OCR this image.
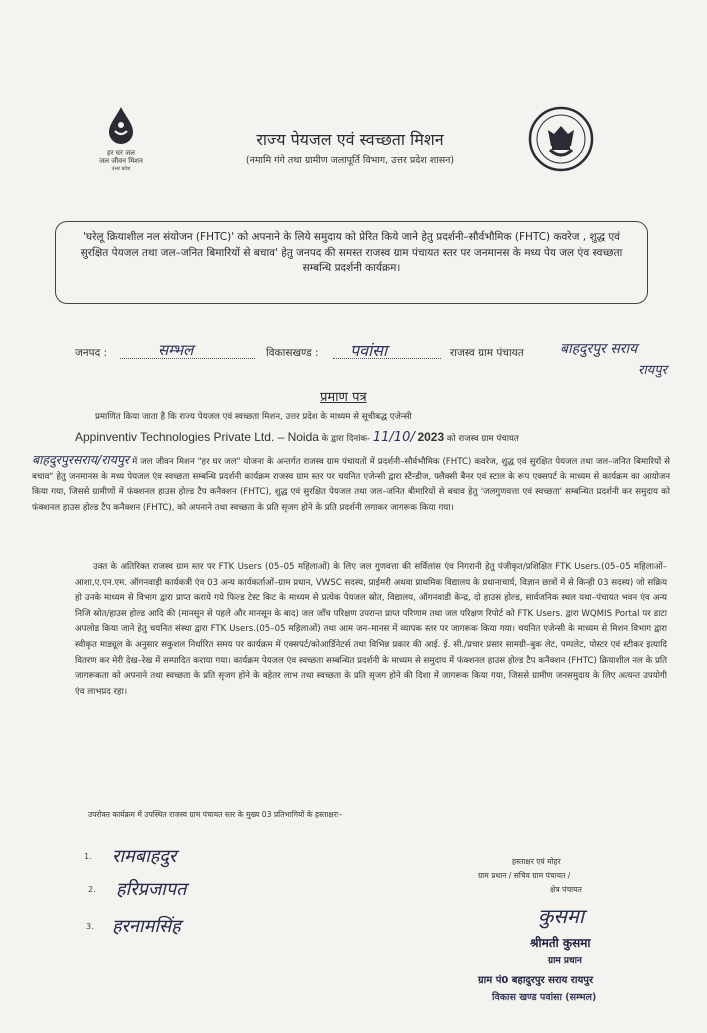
हर घर जल
जल जीवन मिशन
उत्तर प्रदेश
राज्य पेयजल एवं स्वच्छता मिशन
(नमामि गंगे तथा ग्रामीण जलापूर्ति विभाग, उत्तर प्रदेश शासन)
'घरेलू क्रियाशील नल संयोजन (FHTC)' को अपनाने के लिये समुदाय को प्रेरित किये जाने हेतु प्रदर्शनी–सौर्वभौमिक (FHTC) कवरेज , शुद्ध एवं सुरक्षित पेयजल तथा जल–जनित बिमारियों से बचाव' हेतु जनपद की समस्त राजस्व ग्राम पंचायत स्तर पर जनमानस के मध्य पेय जल एंव स्वच्छता सम्बन्धि प्रदर्शनी कार्यक्रम।
जनपद :	सम्भल	विकासखण्ड : पवांसा	राजस्व ग्राम पंचायत	बाहदुरपुर सराय
रायपुर
प्रमाण पत्र
प्रमाणित किया जाता है कि राज्य पेयजल एवं स्वच्छता मिशन, उत्तर प्रदेश के माध्यम से सूचीबद्ध एजेन्सी
Appinventiv Technologies Private Ltd. – Noida के द्वारा दिनांक- 11/10/ 2023 को राजस्व ग्राम पंचायत
बाहदुरपुरसराय/रायपुर में जल जीवन मिशन "हर घर जल" योजना के अन्तर्गत राजस्व ग्राम पंचायतों में प्रदर्शनी–सौर्वभौमिक (FHTC) कवरेज, शुद्ध एवं सुरक्षित पेयजल तथा जल–जनित बिमारियों से बचाव" हेतु जनमानस के मध्य पेयजल एंव स्वच्छता सम्बन्धि प्रदर्शनी कार्यक्रम राजस्व ग्राम स्तर पर चयनित एजेन्सी द्वारा स्टैन्डीज, फ्लैक्सी बैनर एवं स्टाल के रूप एक्सपर्ट के माध्यम से कार्यक्रम का आयोजन किया गया, जिससे ग्रामीणों में फंक्शनल हाउस होल्ड टैप कनैक्शन (FHTC), शुद्ध एवं सुरक्षित पेयजल तथा जल–जनित बीमारियों से बचाव हेतु 'जलगुणवत्ता एवं स्वच्छता' सम्बन्धित प्रदर्शनी कर समुदाय को फंक्शनल हाउस होल्ड टैप कनैक्शन (FHTC), को अपनाने तथा स्वच्छता के प्रति सृजग होने के प्रति प्रदर्शनी लगाकर जागरूक किया गया।
उक्त के अतिरिक्त राजस्व ग्राम स्तर पर FTK Users (05–05 महिलाओं) के लिए जल गुणवत्ता की सर्विलांस एंव निगरानी हेतु पंजीकृत/प्रशिक्षित FTK Users.(05–05 महिलाओं–आशा,ए.एन.एम. ऑगनवाड़ी कार्यकत्री एंव 03 अन्य कार्यकर्ताओं–ग्राम प्रधान, VWSC सदस्य, प्राईमरी अथवा प्राथमिक विद्यालय के प्रधानाचार्य, विज्ञान छात्रों में से किन्ही 03 सदस्य) जो सक्रिय हो उनके माध्यम से विभाग द्वारा प्राप्त कराये गये फिल्ड टेस्ट किट के माध्यम से प्रत्येक पेयजल स्रोत, विद्यालय, ऑगनवाडी केन्द्र, दो हाउस होल्ड, सार्वजनिक स्थल यथा–पंचायत भवन एंव अन्य निजि स्रोत/हाउस होल्ड आदि की (मानसून से पहले और मानसून के बाद) जल जाँच परिक्षण उपरान्त प्राप्त परिणाम तथा जल परिक्षण रिपोर्ट को FTK Users. द्वारा WQMIS Portal पर डाटा अपलोड किया जाने हेतु चयनित संस्था द्वारा FTK Users.(05–05 महिलाओं) तथा आम जन–मानस में व्यापक स्तर पर जागरूक किया गया। चयनित एजेन्सी के माध्यम से मिशन विभाग द्वारा स्वीकृत माड्यूल के अनुसार सकुशल निर्धारित समय पर कार्यक्रम में एक्सपर्ट/कोआर्डिनेटर्स तथा विभिन्न प्रकार की आई. ई. सी./प्रचार प्रसार सामग्री–बुक लेट, पम्पलेट, पोस्टर एवं स्टीकर इत्यादि वितरण कर मेरी देख–रेख में सम्पादित कराया गया। कार्यक्रम पेयजल एंव स्वच्छता सम्बन्धित प्रदर्शनी के माध्यम से समुदाय में फंक्शनल हाउस होल्ड टैप कनैक्शन (FHTC) क्रियाशील नल के प्रति जागरूकता को अपनाने तथा स्वच्छता के प्रति सृजग होने के बहेतर लाभ तथा स्वच्छता के प्रति सृजग होने की दिशा में जागरूक किया गया, जिससे ग्रामीण जनसमुदाय के लिए अत्यन्त उपयोगी एंव लाभप्रद रहा।
उपरोक्त कार्यक्रम में उपस्थित राजस्व ग्राम पंचायत स्तर के मुख्य 03 प्रतिभागियों के हस्ताक्षरः–
1. रामबाहदुर
2. हरिप्रजापत
3. हरनामसिंह
हस्ताक्षर एवं मोहर
ग्राम प्रधान / सचिव ग्राम पंचायत /
क्षेत्र पंचायत
कुसमा
श्रीमती कुसमा
ग्राम प्रधान
ग्राम पं0 बहादुरपुर सराय रायपुर
विकास खण्ड पवांसा (सम्भल)
